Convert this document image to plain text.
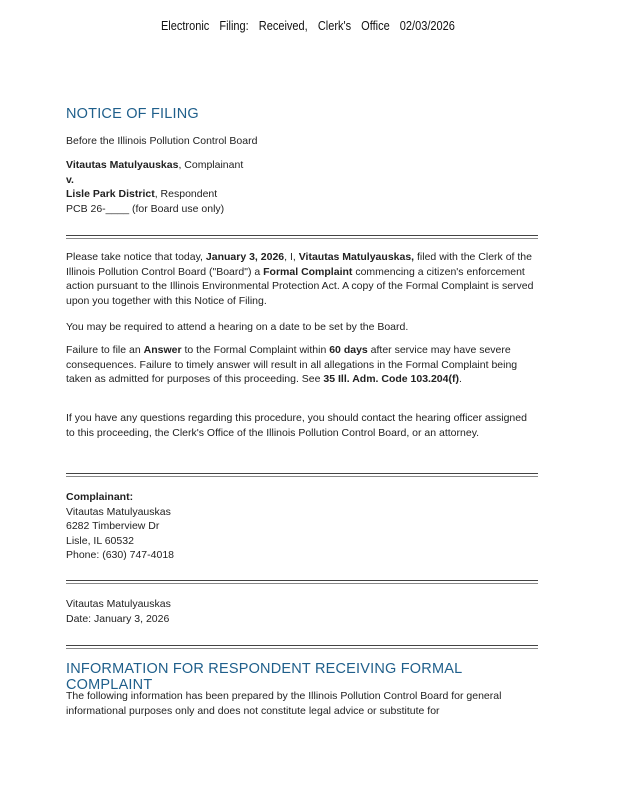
Electronic Filing: Received, Clerk's Office 02/03/2026
NOTICE OF FILING
Before the Illinois Pollution Control Board
Vitautas Matulyauskas, Complainant
v.
Lisle Park District, Respondent
PCB 26-____ (for Board use only)
Please take notice that today, January 3, 2026, I, Vitautas Matulyauskas, filed with the Clerk of the Illinois Pollution Control Board ("Board") a Formal Complaint commencing a citizen's enforcement action pursuant to the Illinois Environmental Protection Act. A copy of the Formal Complaint is served upon you together with this Notice of Filing.
You may be required to attend a hearing on a date to be set by the Board.
Failure to file an Answer to the Formal Complaint within 60 days after service may have severe consequences. Failure to timely answer will result in all allegations in the Formal Complaint being taken as admitted for purposes of this proceeding. See 35 Ill. Adm. Code 103.204(f).
If you have any questions regarding this procedure, you should contact the hearing officer assigned to this proceeding, the Clerk's Office of the Illinois Pollution Control Board, or an attorney.
Complainant:
Vitautas Matulyauskas
6282 Timberview Dr
Lisle, IL 60532
Phone: (630) 747-4018
Vitautas Matulyauskas
Date: January 3, 2026
INFORMATION FOR RESPONDENT RECEIVING FORMAL COMPLAINT
The following information has been prepared by the Illinois Pollution Control Board for general informational purposes only and does not constitute legal advice or substitute for
